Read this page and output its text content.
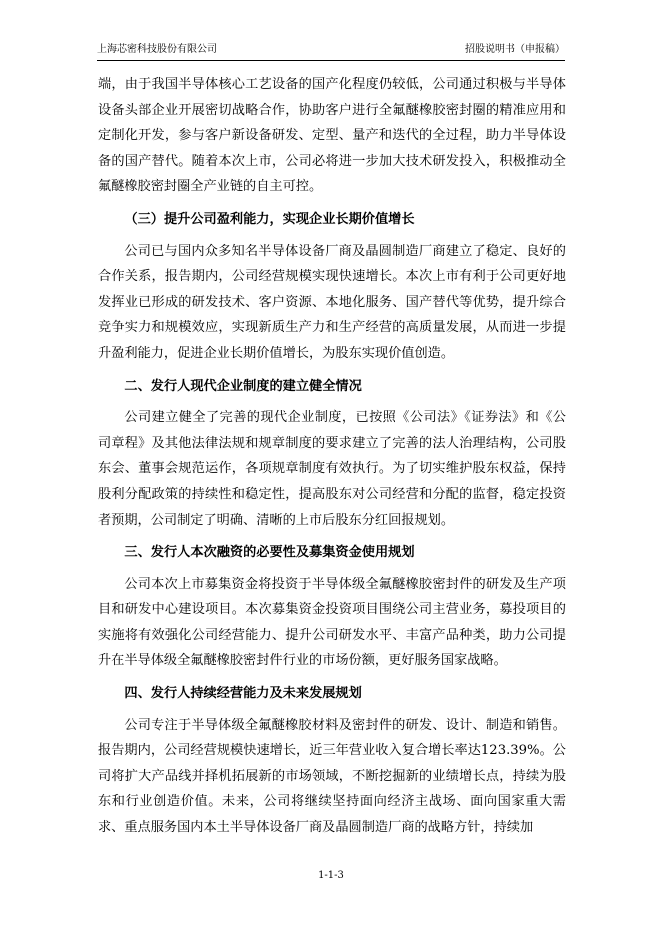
上海芯密科技股份有限公司	招股说明书（申报稿）

端，由于我国半导体核心工艺设备的国产化程度仍较低，公司通过积极与半导体设备头部企业开展密切战略合作，协助客户进行全氟醚橡胶密封圈的精准应用和定制化开发，参与客户新设备研发、定型、量产和迭代的全过程，助力半导体设备的国产替代。随着本次上市，公司必将进一步加大技术研发投入，积极推动全氟醚橡胶密封圈全产业链的自主可控。

（三）提升公司盈利能力，实现企业长期价值增长

公司已与国内众多知名半导体设备厂商及晶圆制造厂商建立了稳定、良好的合作关系，报告期内，公司经营规模实现快速增长。本次上市有利于公司更好地发挥业已形成的研发技术、客户资源、本地化服务、国产替代等优势，提升综合竞争实力和规模效应，实现新质生产力和生产经营的高质量发展，从而进一步提升盈利能力，促进企业长期价值增长，为股东实现价值创造。

二、发行人现代企业制度的建立健全情况

公司建立健全了完善的现代企业制度，已按照《公司法》《证券法》和《公司章程》及其他法律法规和规章制度的要求建立了完善的法人治理结构，公司股东会、董事会规范运作，各项规章制度有效执行。为了切实维护股东权益，保持股利分配政策的持续性和稳定性，提高股东对公司经营和分配的监督，稳定投资者预期，公司制定了明确、清晰的上市后股东分红回报规划。

三、发行人本次融资的必要性及募集资金使用规划

公司本次上市募集资金将投资于半导体级全氟醚橡胶密封件的研发及生产项目和研发中心建设项目。本次募集资金投资项目围绕公司主营业务，募投项目的实施将有效强化公司经营能力、提升公司研发水平、丰富产品种类，助力公司提升在半导体级全氟醚橡胶密封件行业的市场份额，更好服务国家战略。

四、发行人持续经营能力及未来发展规划

公司专注于半导体级全氟醚橡胶材料及密封件的研发、设计、制造和销售。报告期内，公司经营规模快速增长，近三年营业收入复合增长率达123.39%。公司将扩大产品线并择机拓展新的市场领域，不断挖掘新的业绩增长点，持续为股东和行业创造价值。未来，公司将继续坚持面向经济主战场、面向国家重大需求、重点服务国内本土半导体设备厂商及晶圆制造厂商的战略方针，持续加

1-1-3
